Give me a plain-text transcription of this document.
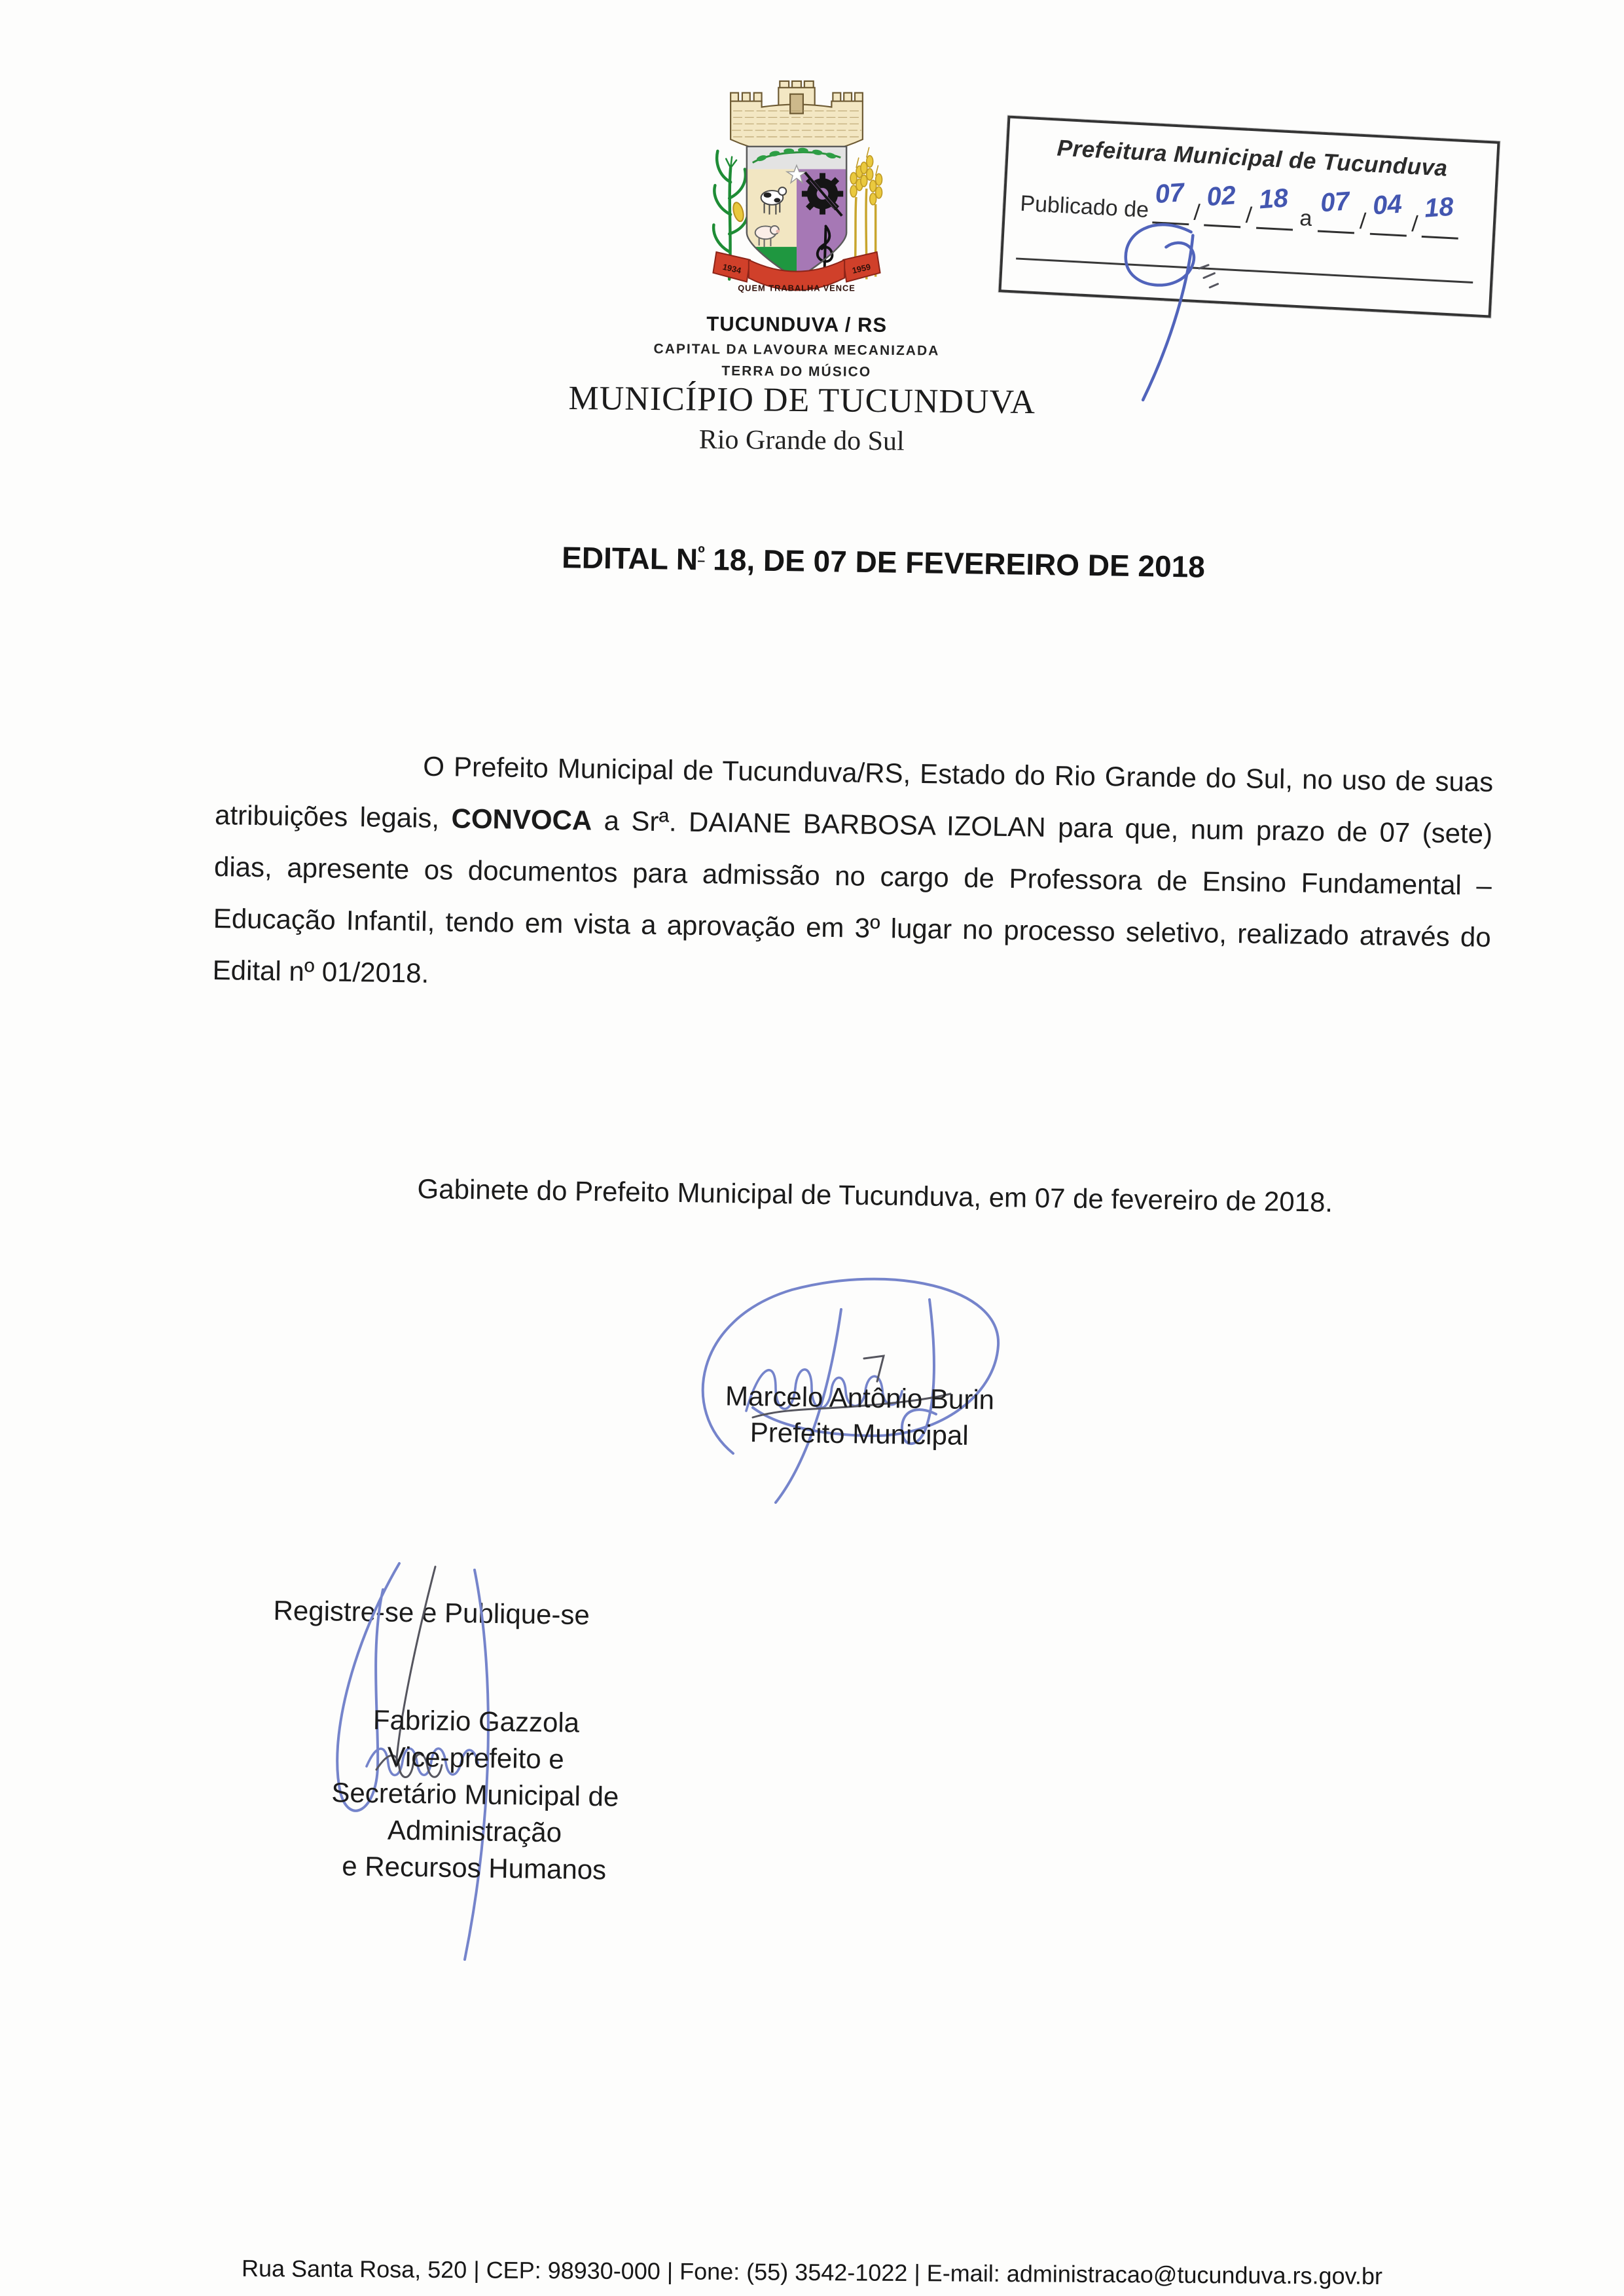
1934	1959
QUEM TRABALHA VENCE
TUCUNDUVA / RS
CAPITAL DA LAVOURA MECANIZADA
TERRA DO MÚSICO
MUNICÍPIO DE TUCUNDUVA
Rio Grande do Sul
Prefeitura Municipal de Tucunduva
Publicado de 07
/
02
/
18
a
07
/
04
/
18
EDITAL $N^º$ 18, DE 07 DE FEVEREIRO DE 2018
O Prefeito Municipal de Tucunduva/RS, Estado do Rio Grande do Sul, no uso de suas atribuições legais, CONVOCA a Srª. DAIANE BARBOSA IZOLAN para que, num prazo de 07 (sete) dias, apresente os documentos para admissão no cargo de Professora de Ensino Fundamental – Educação Infantil, tendo em vista a aprovação em 3º lugar no processo seletivo, realizado através do Edital nº 01/2018.
Gabinete do Prefeito Municipal de Tucunduva, em 07 de fevereiro de 2018.
Marcelo Antônio Burin
Prefeito Municipal
Registre-se e Publique-se
Fabrizio Gazzola
Vice-prefeito e
Secretário Municipal de Administração
e Recursos Humanos
Rua Santa Rosa, 520 | CEP: 98930-000 | Fone: (55) 3542-1022 | E-mail: administracao@tucunduva.rs.gov.br
